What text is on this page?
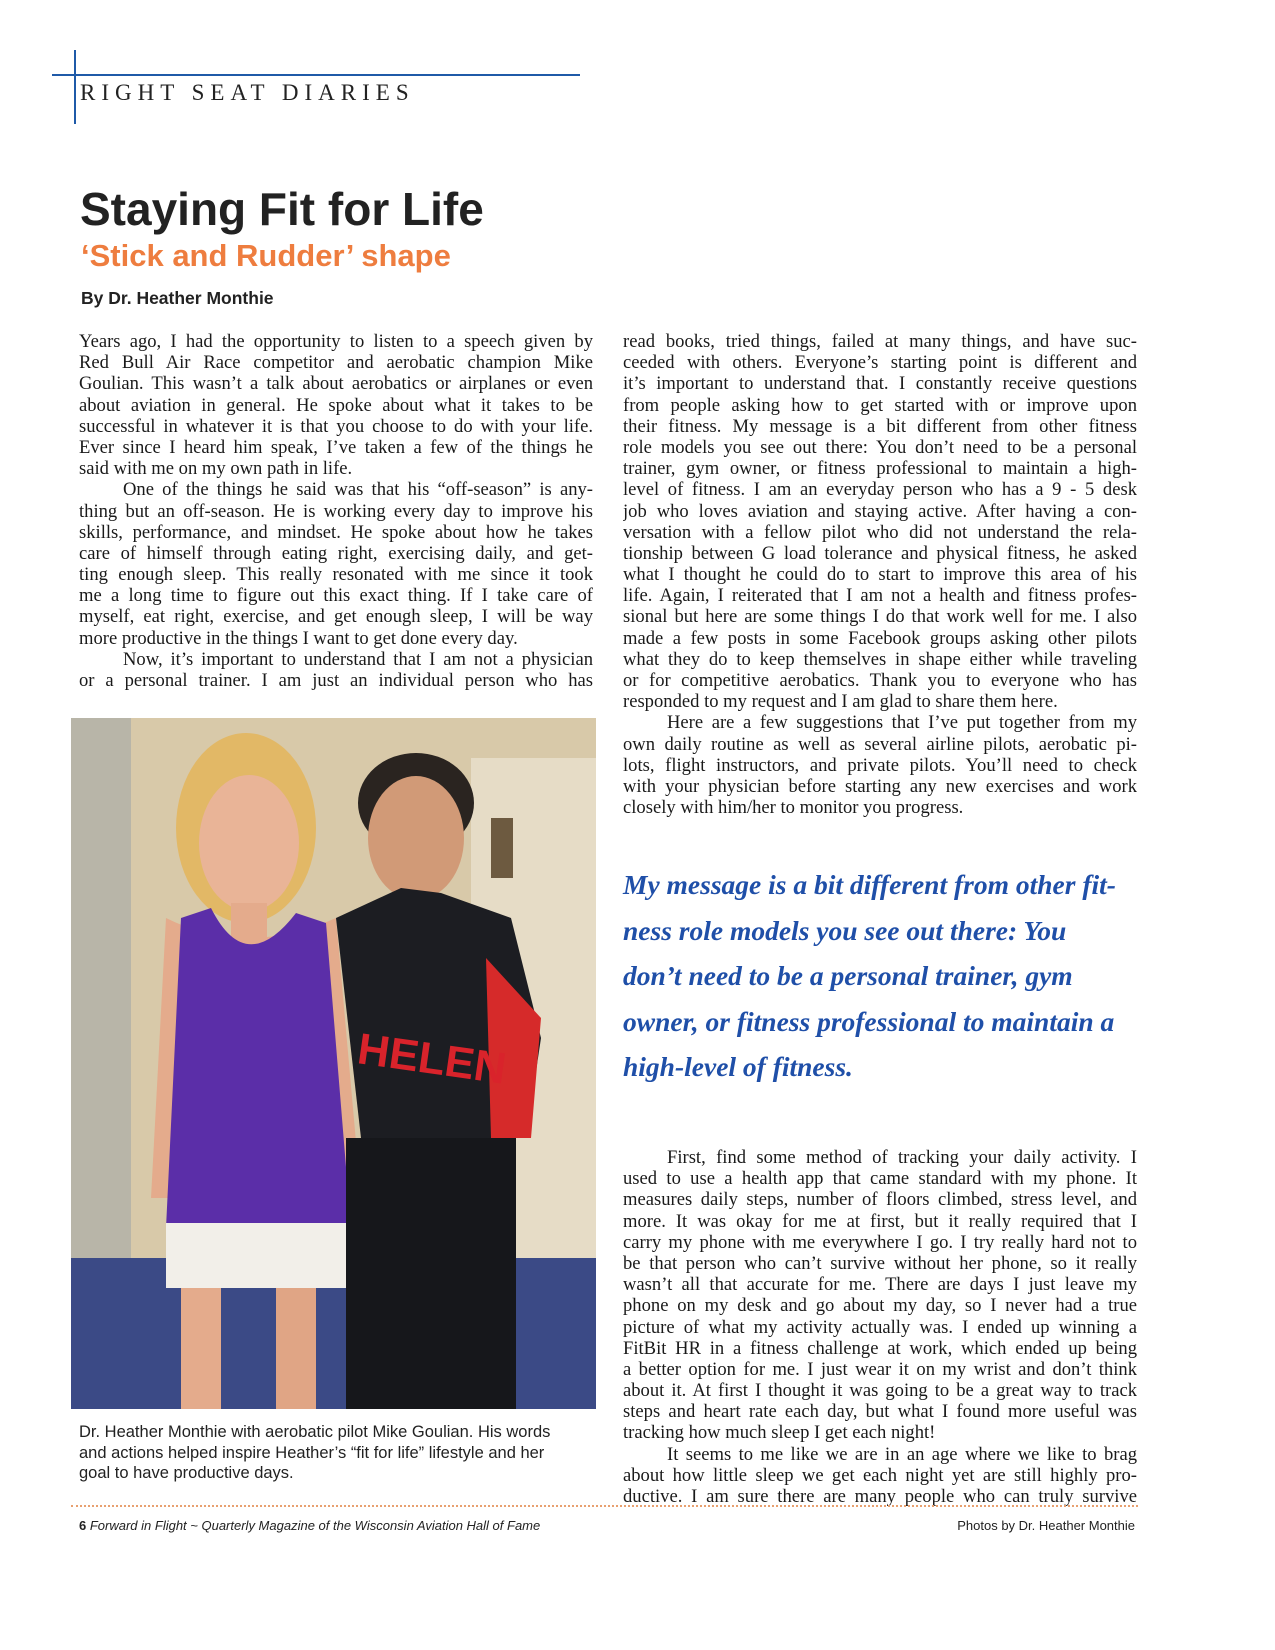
RIGHT SEAT DIARIES
Staying Fit for Life
‘Stick and Rudder’ shape
By Dr. Heather Monthie
Years ago, I had the opportunity to listen to a speech given by
Red Bull Air Race competitor and aerobatic champion Mike
Goulian. This wasn’t a talk about aerobatics or airplanes or even
about aviation in general. He spoke about what it takes to be
successful in whatever it is that you choose to do with your life.
Ever since I heard him speak, I’ve taken a few of the things he
said with me on my own path in life.
One of the things he said was that his “off-season” is any-
thing but an off-season. He is working every day to improve his
skills, performance, and mindset. He spoke about how he takes
care of himself through eating right, exercising daily, and get-
ting enough sleep. This really resonated with me since it took
me a long time to figure out this exact thing. If I take care of
myself, eat right, exercise, and get enough sleep, I will be way
more productive in the things I want to get done every day.
Now, it’s important to understand that I am not a physician
or a personal trainer. I am just an individual person who has
HELEN
Dr. Heather Monthie with aerobatic pilot Mike Goulian. His words
and actions helped inspire Heather’s “fit for life” lifestyle and her
goal to have productive days.
read books, tried things, failed at many things, and have suc-
ceeded with others. Everyone’s starting point is different and
it’s important to understand that. I constantly receive questions
from people asking how to get started with or improve upon
their fitness. My message is a bit different from other fitness
role models you see out there: You don’t need to be a personal
trainer, gym owner, or fitness professional to maintain a high-
level of fitness. I am an everyday person who has a 9 - 5 desk
job who loves aviation and staying active. After having a con-
versation with a fellow pilot who did not understand the rela-
tionship between G load tolerance and physical fitness, he asked
what I thought he could do to start to improve this area of his
life. Again, I reiterated that I am not a health and fitness profes-
sional but here are some things I do that work well for me. I also
made a few posts in some Facebook groups asking other pilots
what they do to keep themselves in shape either while traveling
or for competitive aerobatics. Thank you to everyone who has
responded to my request and I am glad to share them here.
Here are a few suggestions that I’ve put together from my
own daily routine as well as several airline pilots, aerobatic pi-
lots, flight instructors, and private pilots. You’ll need to check
with your physician before starting any new exercises and work
closely with him/her to monitor you progress.
My message is a bit different from other fit-
ness role models you see out there: You
don’t need to be a personal trainer, gym
owner, or fitness professional to maintain a
high-level of fitness.
First, find some method of tracking your daily activity. I
used to use a health app that came standard with my phone. It
measures daily steps, number of floors climbed, stress level, and
more. It was okay for me at first, but it really required that I
carry my phone with me everywhere I go. I try really hard not to
be that person who can’t survive without her phone, so it really
wasn’t all that accurate for me. There are days I just leave my
phone on my desk and go about my day, so I never had a true
picture of what my activity actually was. I ended up winning a
FitBit HR in a fitness challenge at work, which ended up being
a better option for me. I just wear it on my wrist and don’t think
about it. At first I thought it was going to be a great way to track
steps and heart rate each day, but what I found more useful was
tracking how much sleep I get each night!
It seems to me like we are in an age where we like to brag
about how little sleep we get each night yet are still highly pro-
ductive. I am sure there are many people who can truly survive
6 Forward in Flight ~ Quarterly Magazine of the Wisconsin Aviation Hall of Fame	Photos by Dr. Heather Monthie
